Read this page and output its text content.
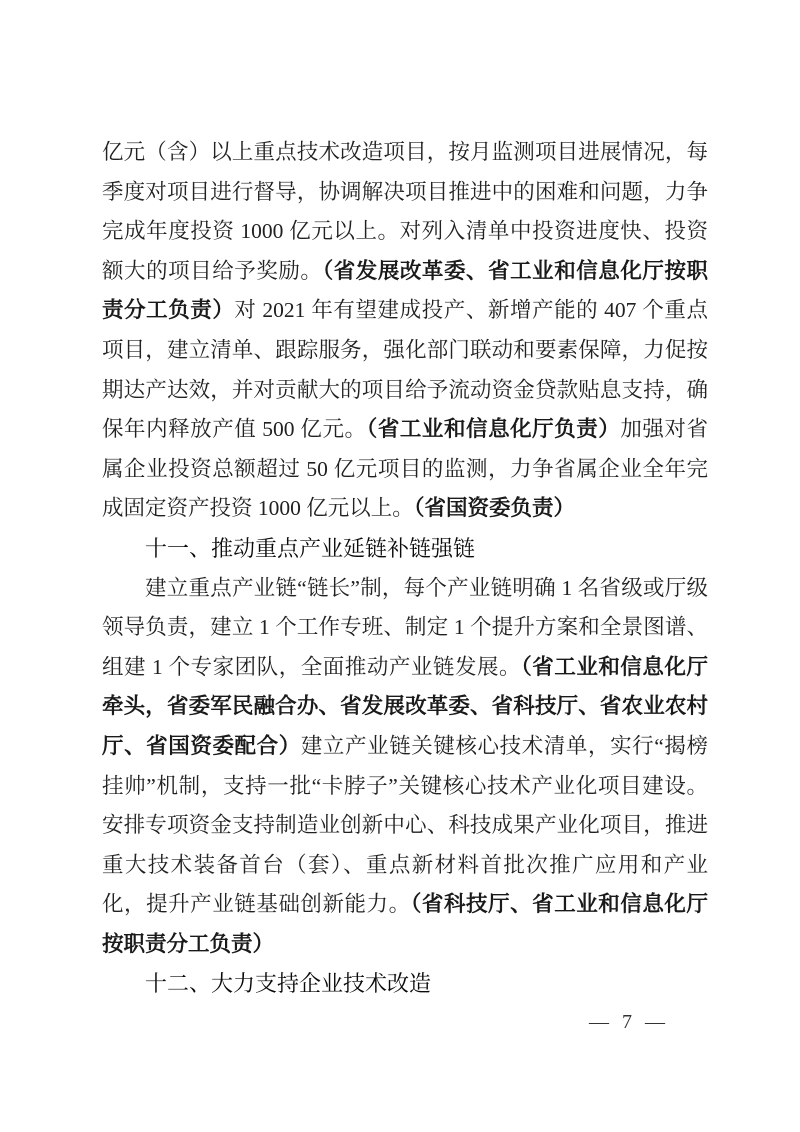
亿元（含）以上重点技术改造项目，按月监测项目进展情况，每季度对项目进行督导，协调解决项目推进中的困难和问题，力争完成年度投资 1000 亿元以上。对列入清单中投资进度快、投资额大的项目给予奖励。（省发展改革委、省工业和信息化厅按职责分工负责）对 2021 年有望建成投产、新增产能的 407 个重点项目，建立清单、跟踪服务，强化部门联动和要素保障，力促按期达产达效，并对贡献大的项目给予流动资金贷款贴息支持，确保年内释放产值 500 亿元。（省工业和信息化厅负责）加强对省属企业投资总额超过 50 亿元项目的监测，力争省属企业全年完成固定资产投资 1000 亿元以上。（省国资委负责）

十一、推动重点产业延链补链强链

建立重点产业链“链长”制，每个产业链明确 1 名省级或厅级领导负责，建立 1 个工作专班、制定 1 个提升方案和全景图谱、组建 1 个专家团队，全面推动产业链发展。（省工业和信息化厅牵头，省委军民融合办、省发展改革委、省科技厅、省农业农村厅、省国资委配合）建立产业链关键核心技术清单，实行“揭榜挂帅”机制，支持一批“卡脖子”关键核心技术产业化项目建设。安排专项资金支持制造业创新中心、科技成果产业化项目，推进重大技术装备首台（套）、重点新材料首批次推广应用和产业化，提升产业链基础创新能力。（省科技厅、省工业和信息化厅按职责分工负责）

十二、大力支持企业技术改造
— 7 —
